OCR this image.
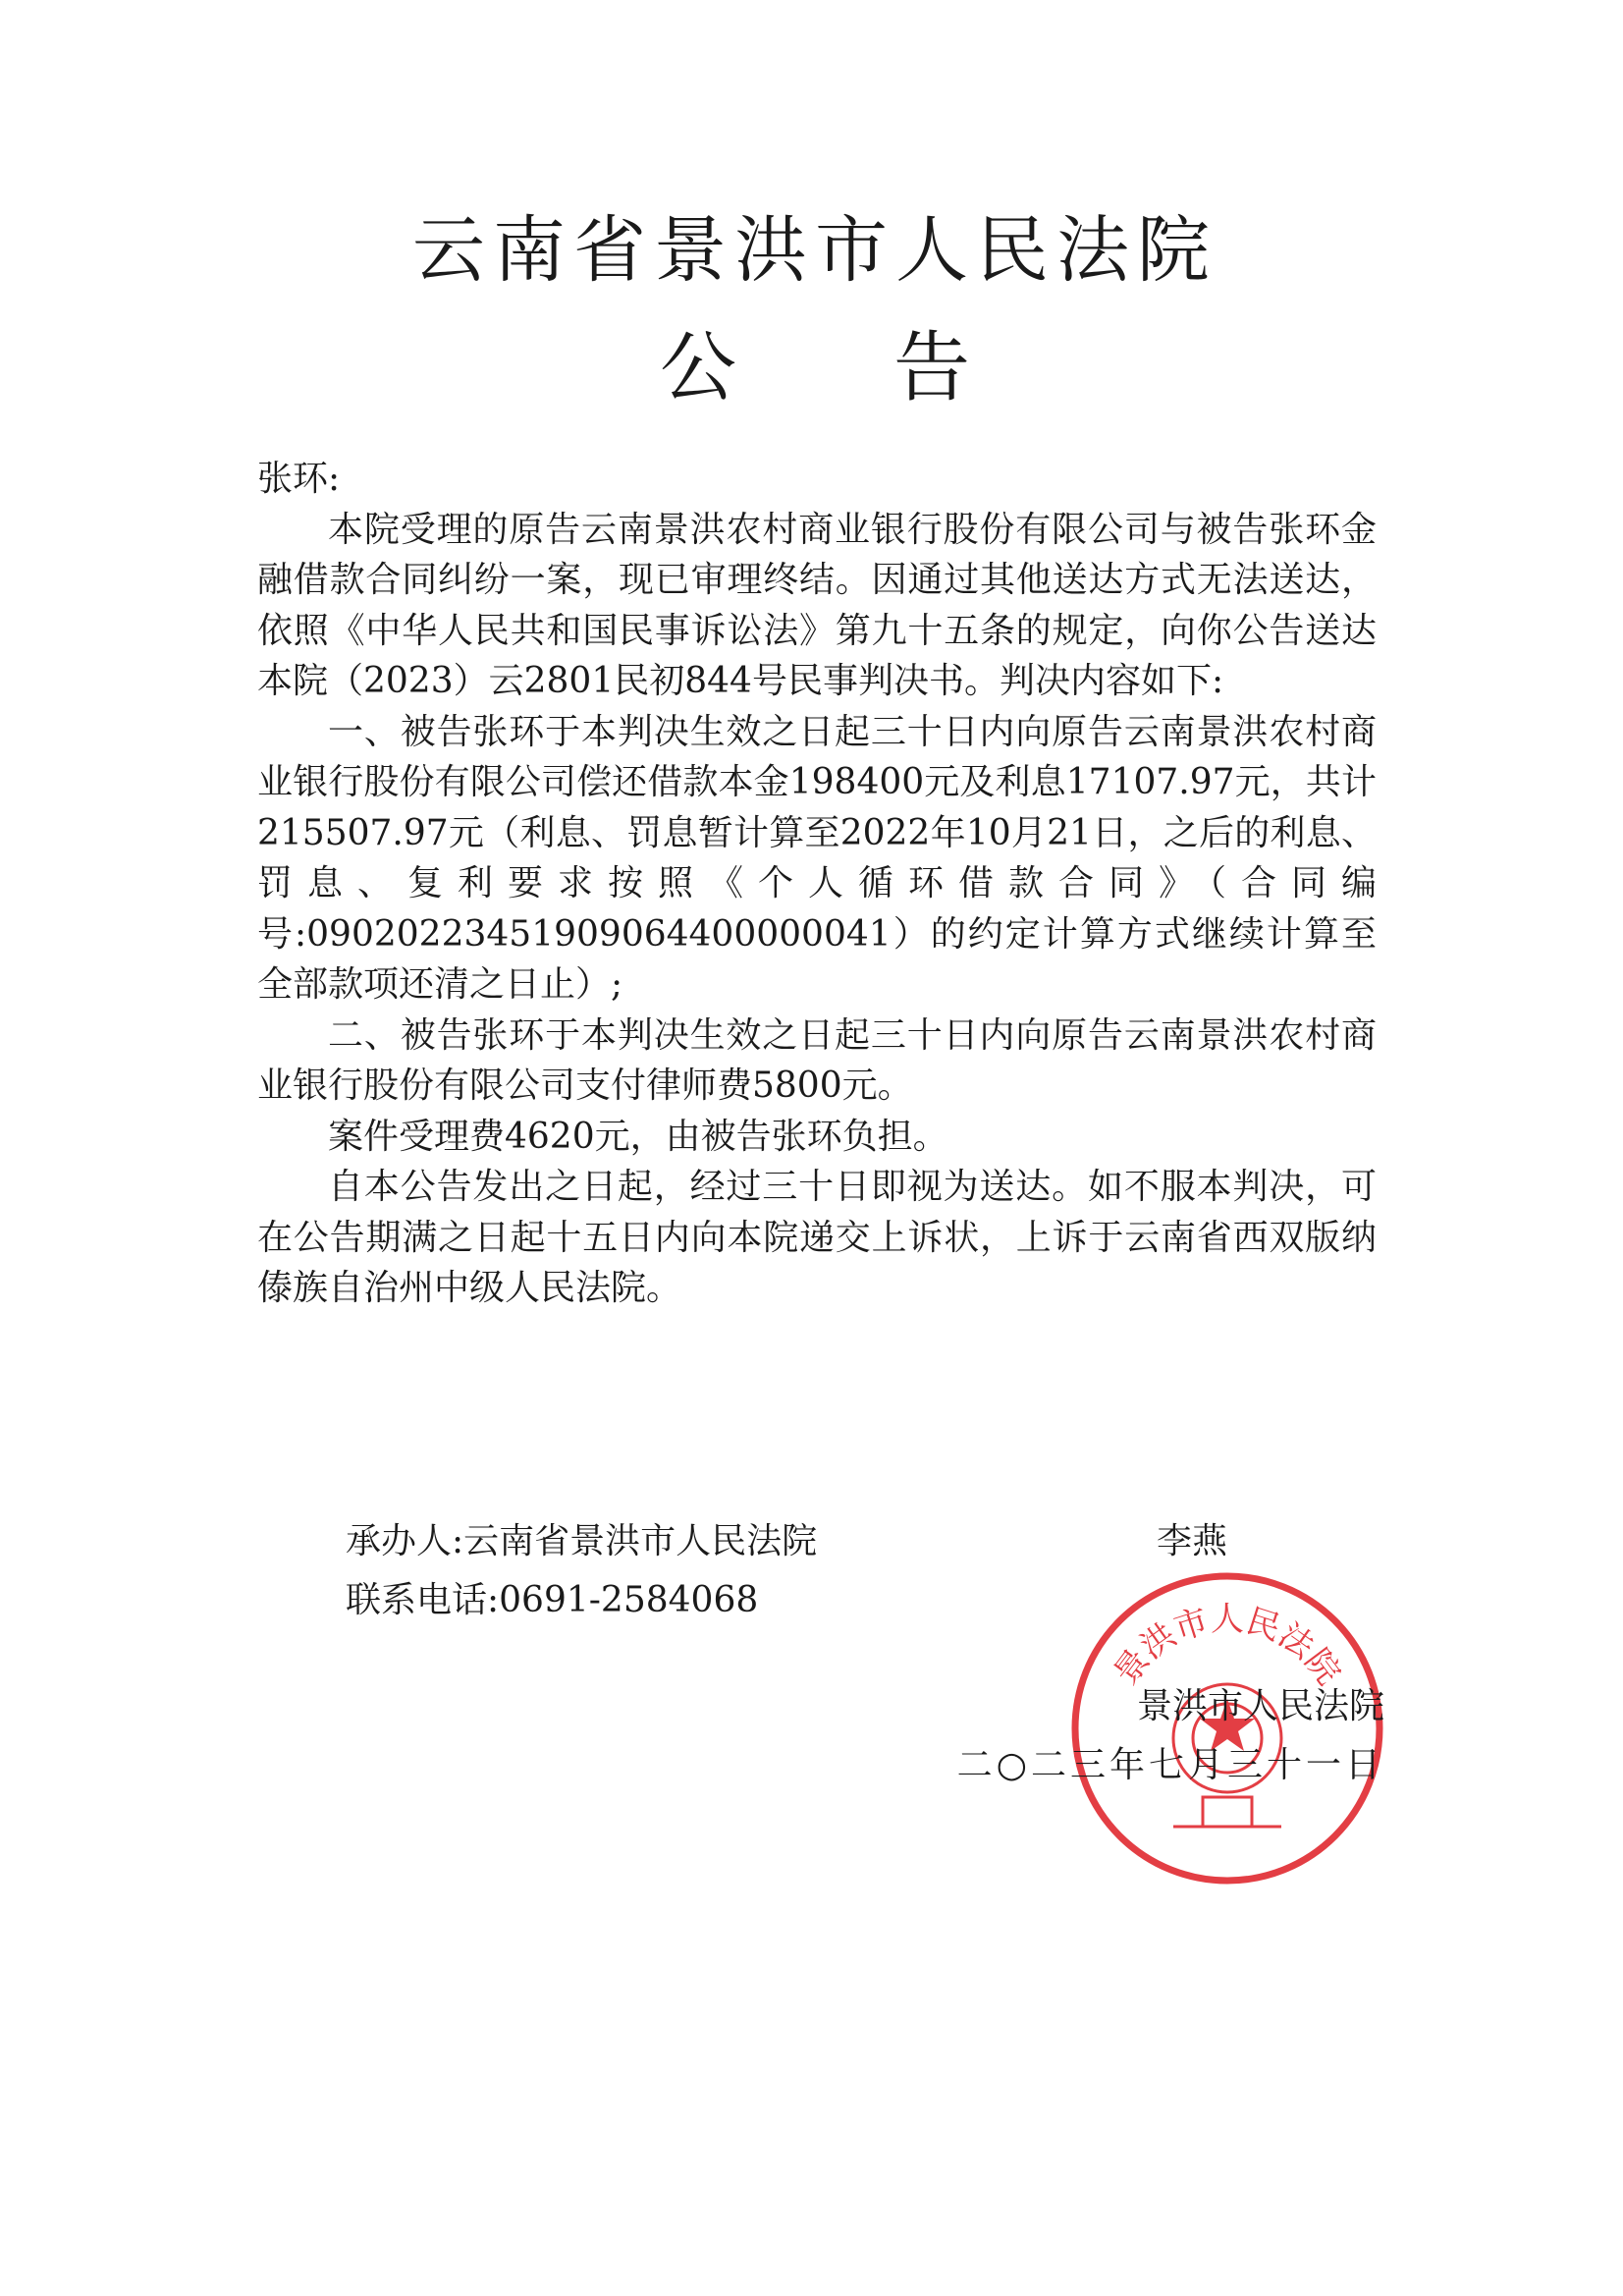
云南省景洪市人民法院
公告

张环:

本院受理的原告云南景洪农村商业银行股份有限公司与被告张环金融借款合同纠纷一案，现已审理终结。因通过其他送达方式无法送达，依照《中华人民共和国民事诉讼法》第九十五条的规定，向你公告送达本院（2023）云2801民初844号民事判决书。判决内容如下:

一、被告张环于本判决生效之日起三十日内向原告云南景洪农村商业银行股份有限公司偿还借款本金198400元及利息17107.97元，共计215507.97元（利息、罚息暂计算至2022年10月21日，之后的利息、罚息、复利要求按照《个人循环借款合同》（合同编号:09020223451909064400000041）的约定计算方式继续计算至全部款项还清之日止）;

二、被告张环于本判决生效之日起三十日内向原告云南景洪农村商业银行股份有限公司支付律师费5800元。

案件受理费4620元，由被告张环负担。

自本公告发出之日起，经过三十日即视为送达。如不服本判决，可在公告期满之日起十五日内向本院递交上诉状，上诉于云南省西双版纳傣族自治州中级人民法院。

承办人:云南省景洪市人民法院
联系电话:0691-2584068
李燕
景洪市人民法院
景洪市人民法院
二○二三年七月三十一日
